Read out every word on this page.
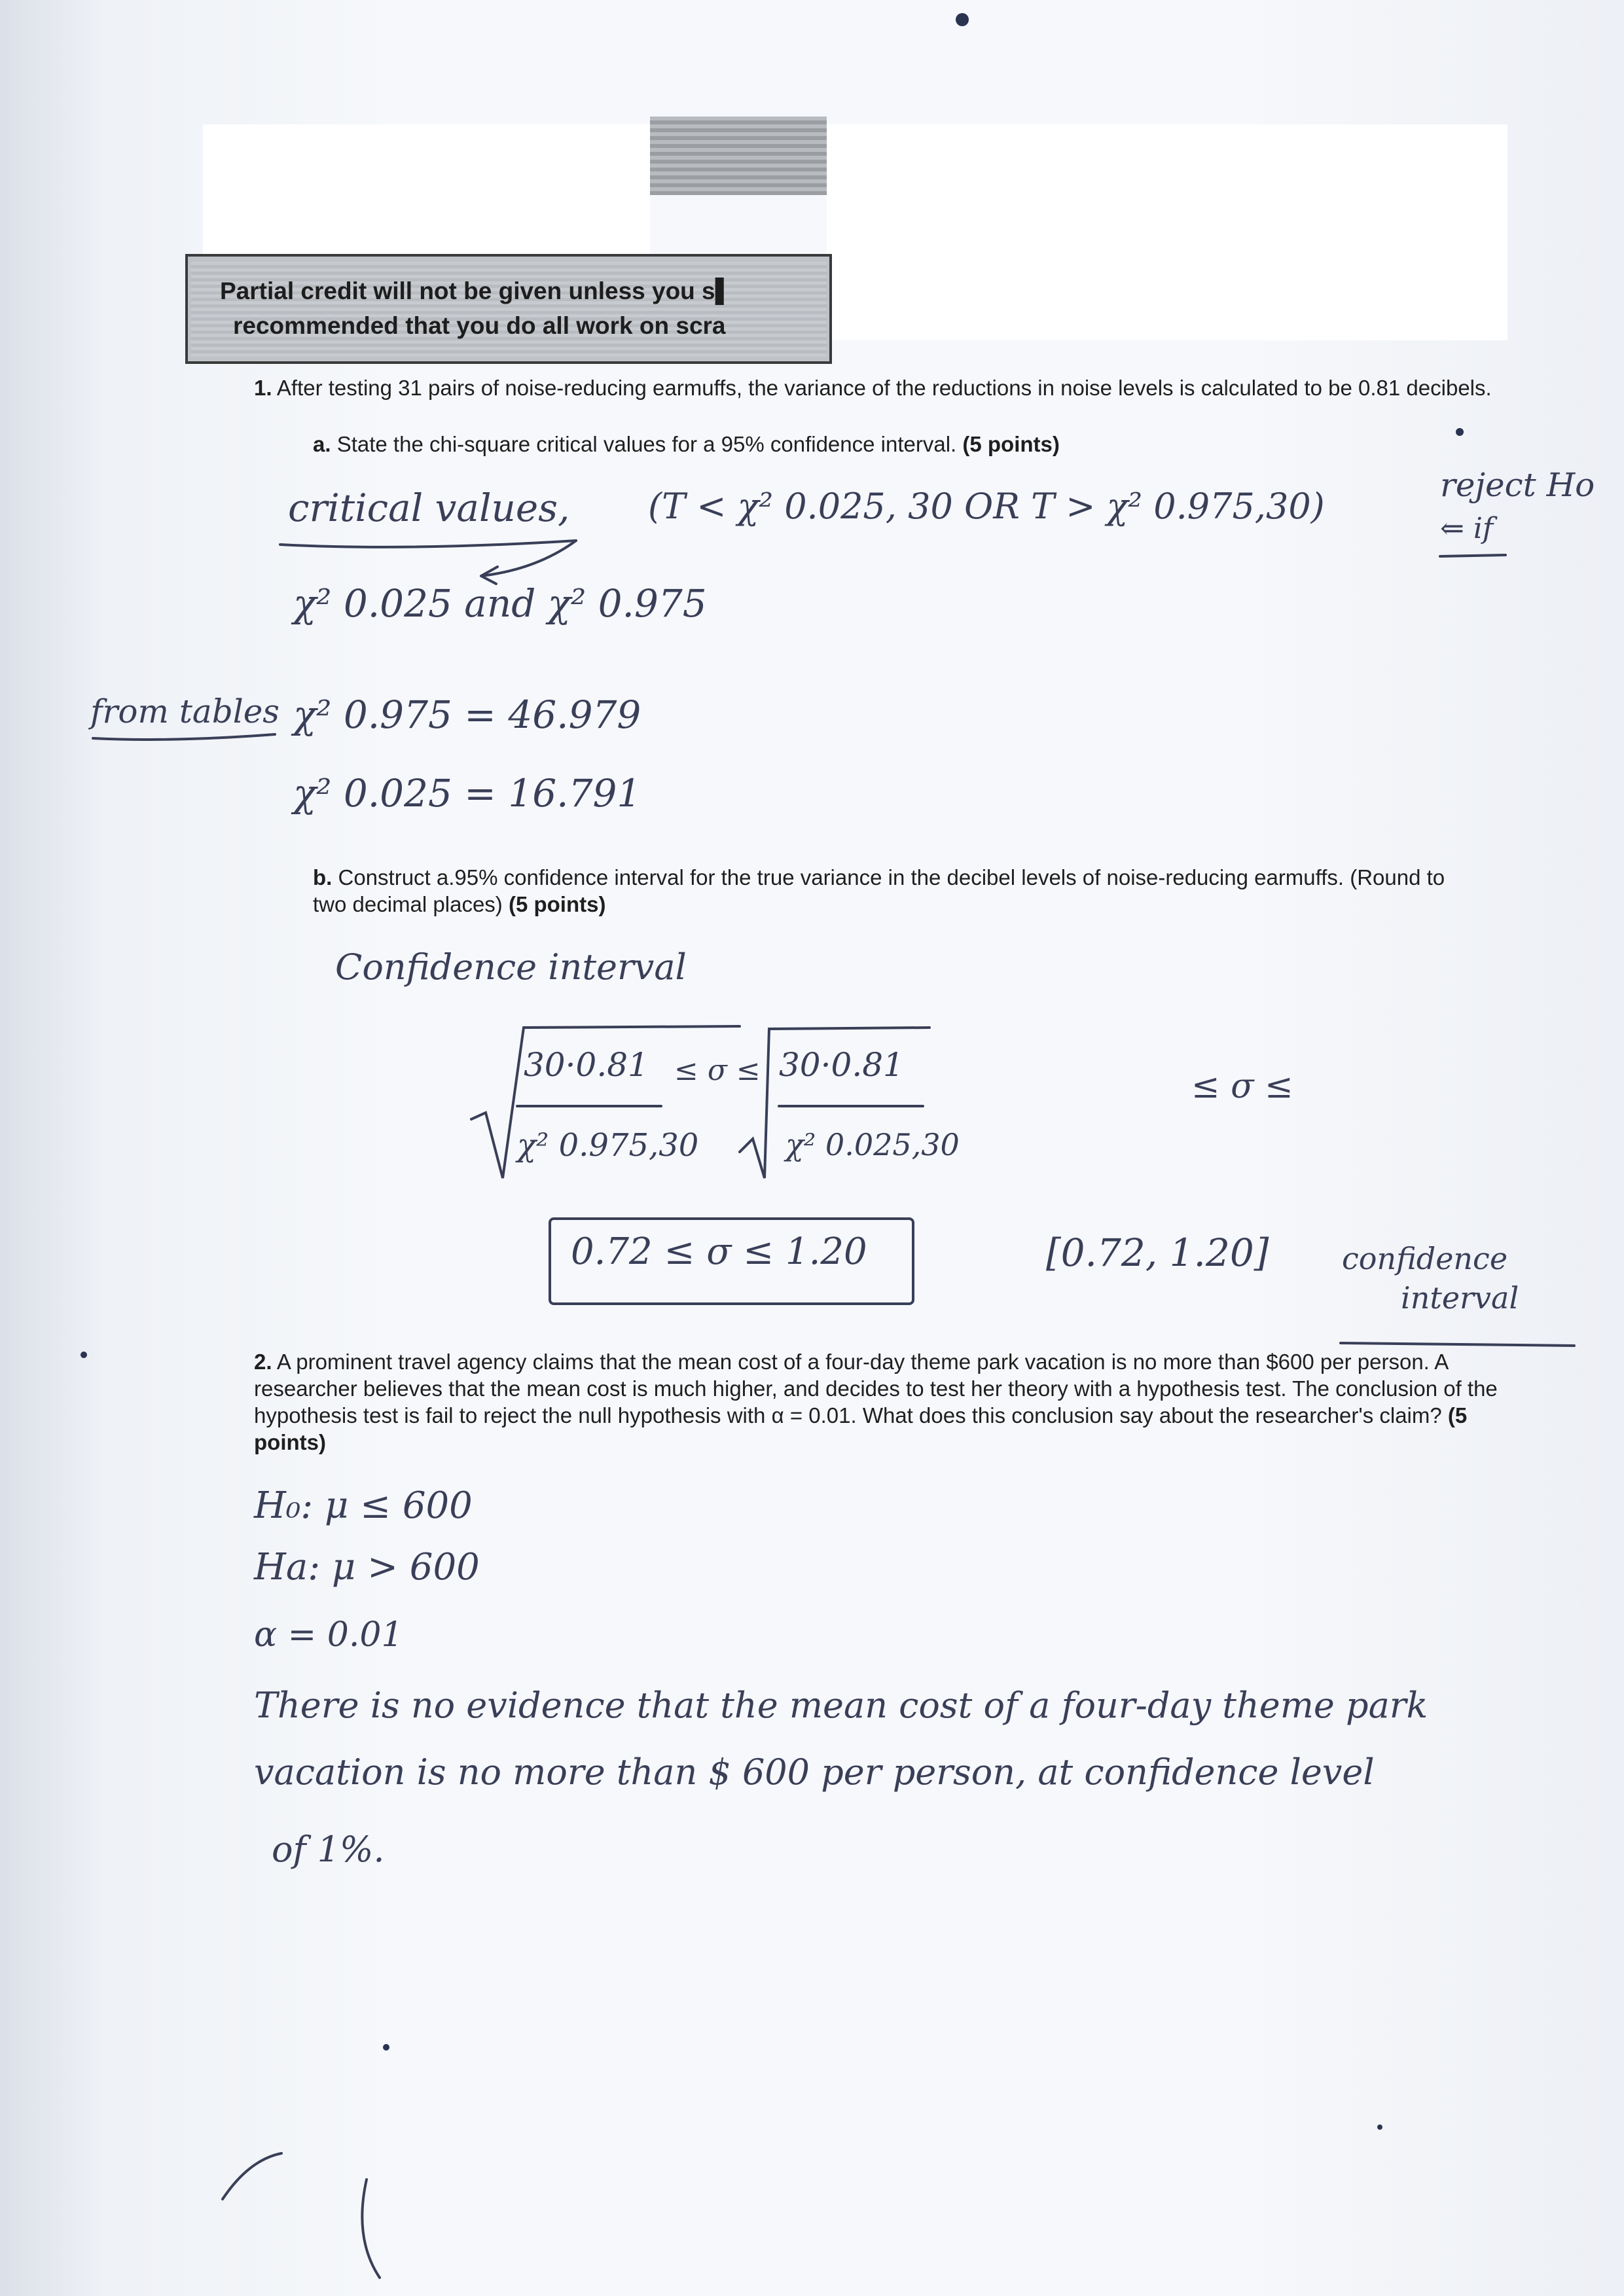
Partial credit will not be given unless you s▌
recommended that you do all work on scra
1. After testing 31 pairs of noise-reducing earmuffs, the variance of the reductions in noise levels is calculated to be 0.81 decibels.
a. State the chi-square critical values for a 95% confidence interval. (5 points)
critical values, (T < χ² 0.025, 30 OR T > χ² 0.975,30)
reject Ho
⇐ if
χ² 0.025 and χ² 0.975
from tables χ² 0.975 = 46.979
χ² 0.025 = 16.791
b. Construct a.95% confidence interval for the true variance in the decibel levels of noise-reducing earmuffs. (Round to two decimal places) (5 points)
Confidence interval
30·0.81 ≤ σ ≤ 30·0.81
χ² 0.975,30	χ² 0.025,30
≤ σ ≤
0.72 ≤ σ ≤ 1.20	[0.72, 1.20] confidence
interval
2. A prominent travel agency claims that the mean cost of a four-day theme park vacation is no more than $600 per person. A researcher believes that the mean cost is much higher, and decides to test her theory with a hypothesis test. The conclusion of the hypothesis test is fail to reject the null hypothesis with α = 0.01. What does this conclusion say about the researcher's claim? (5 points)
H₀: μ ≤ 600
Ha: μ > 600
α = 0.01
There is no evidence that the mean cost of a four-day theme park
vacation is no more than $ 600 per person, at confidence level
of 1%.
